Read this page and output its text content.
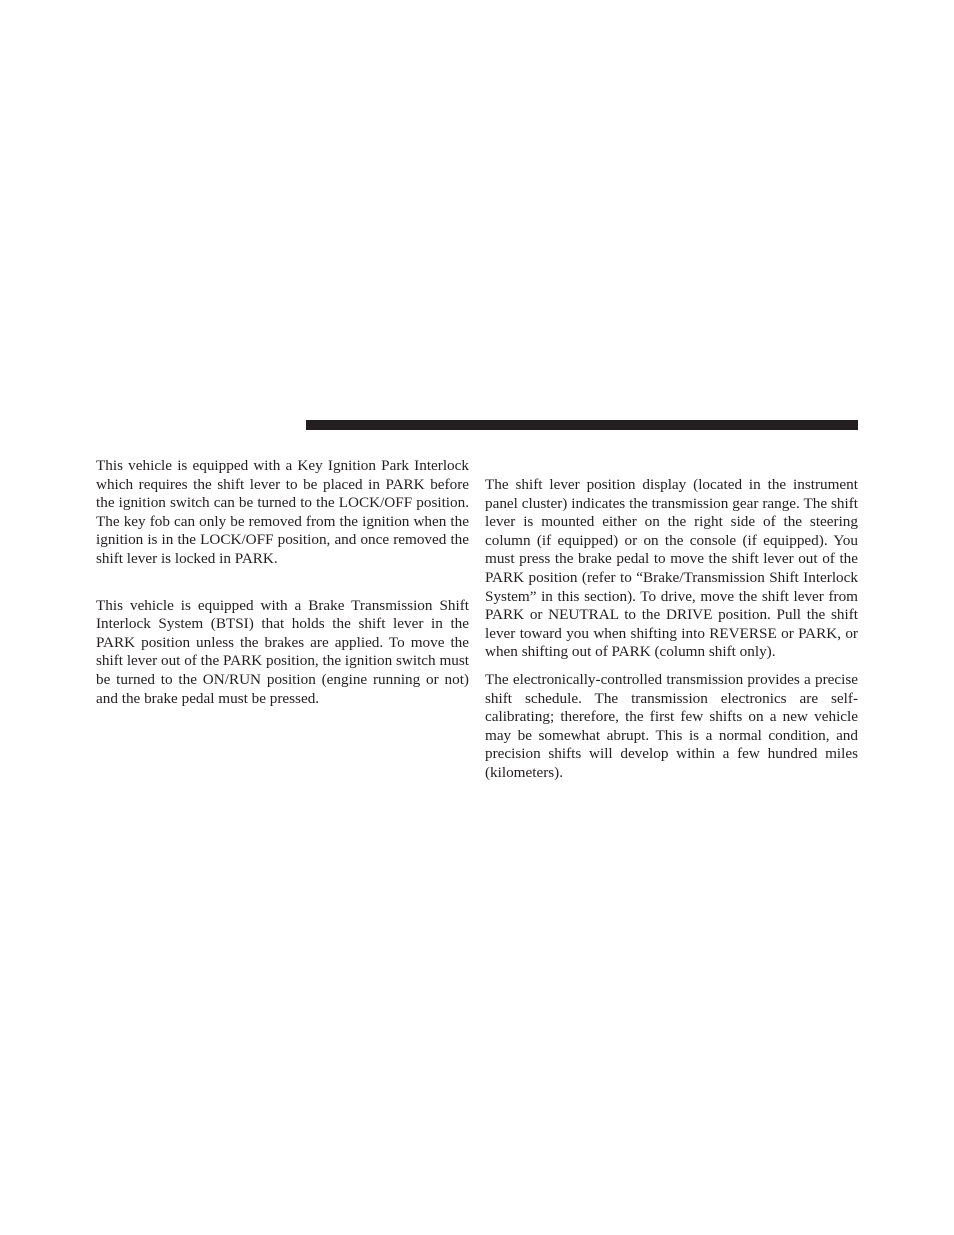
This vehicle is equipped with a Key Ignition Park Interlock which requires the shift lever to be placed in PARK before the ignition switch can be turned to the LOCK/​OFF position. The key fob can only be removed from the ignition when the ignition is in the LOCK/OFF position, and once removed the shift lever is locked in PARK.

This vehicle is equipped with a Brake Transmission Shift Interlock System (BTSI) that holds the shift lever in the PARK position unless the brakes are applied. To move the shift lever out of the PARK position, the ignition switch must be turned to the ON/RUN position (engine running or not) and the brake pedal must be pressed.

The shift lever position display (located in the instrument panel cluster) indicates the transmission gear range. The shift lever is mounted either on the right side of the steering column (if equipped) or on the console (if equipped). You must press the brake pedal to move the shift lever out of the PARK position (refer to “Brake/​Transmission Shift Interlock System” in this section). To drive, move the shift lever from PARK or NEUTRAL to the DRIVE position. Pull the shift lever toward you when shifting into REVERSE or PARK, or when shifting out of PARK (column shift only).

The electronically-controlled transmission provides a precise shift schedule. The transmission electronics are self-calibrating; therefore, the first few shifts on a new vehicle may be somewhat abrupt. This is a normal condition, and precision shifts will develop within a few hundred miles (kilometers).
